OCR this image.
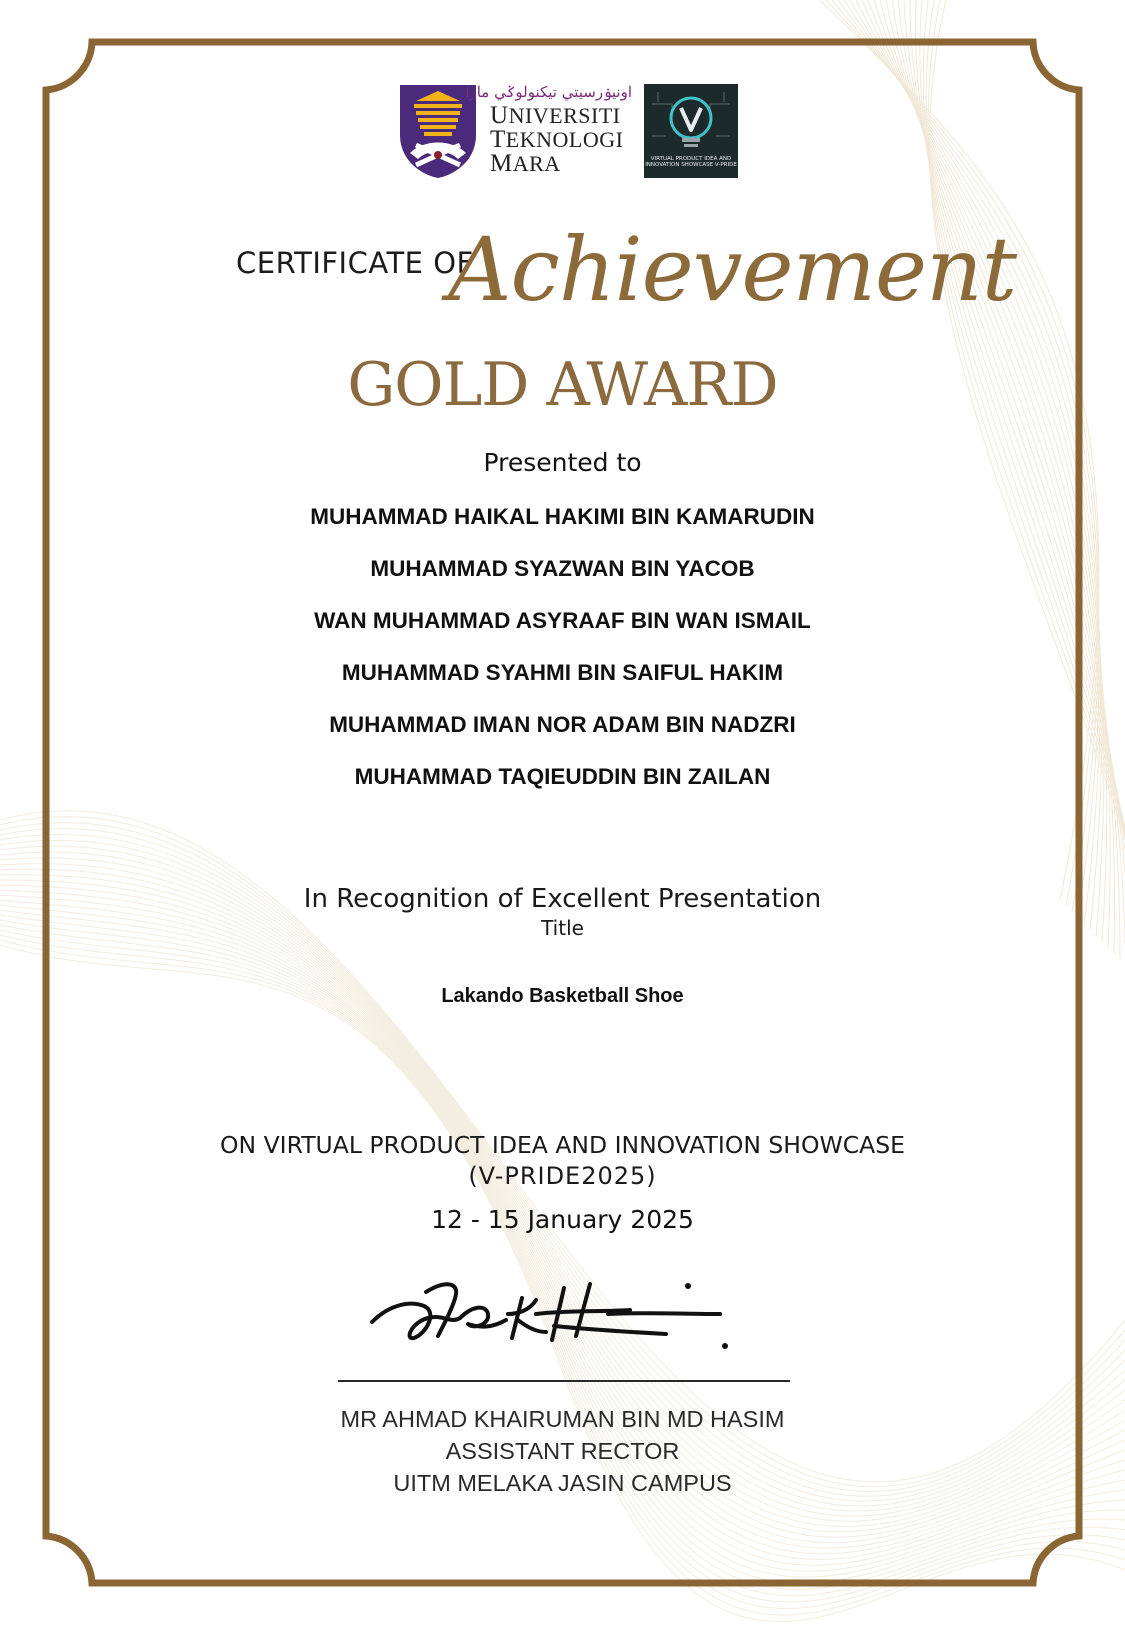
اونيۏرسيتي تيكنولوݢي مارا
UNIVERSITI
TEKNOLOGI
MARA	VIRTUAL PRODUCT IDEA AND INNOVATION SHOWCASE V-PRIDE
CERTIFICATE OF
Achievement
GOLD AWARD
Presented to
MUHAMMAD HAIKAL HAKIMI BIN KAMARUDIN
MUHAMMAD SYAZWAN BIN YACOB
WAN MUHAMMAD ASYRAAF BIN WAN ISMAIL
MUHAMMAD SYAHMI BIN SAIFUL HAKIM
MUHAMMAD IMAN NOR ADAM BIN NADZRI
MUHAMMAD TAQIEUDDIN BIN ZAILAN
In Recognition of Excellent Presentation
Title
Lakando Basketball Shoe
ON VIRTUAL PRODUCT IDEA AND INNOVATION SHOWCASE
(V-PRIDE2025)
12 - 15 January 2025
MR AHMAD KHAIRUMAN BIN MD HASIM
ASSISTANT RECTOR
UITM MELAKA JASIN CAMPUS
